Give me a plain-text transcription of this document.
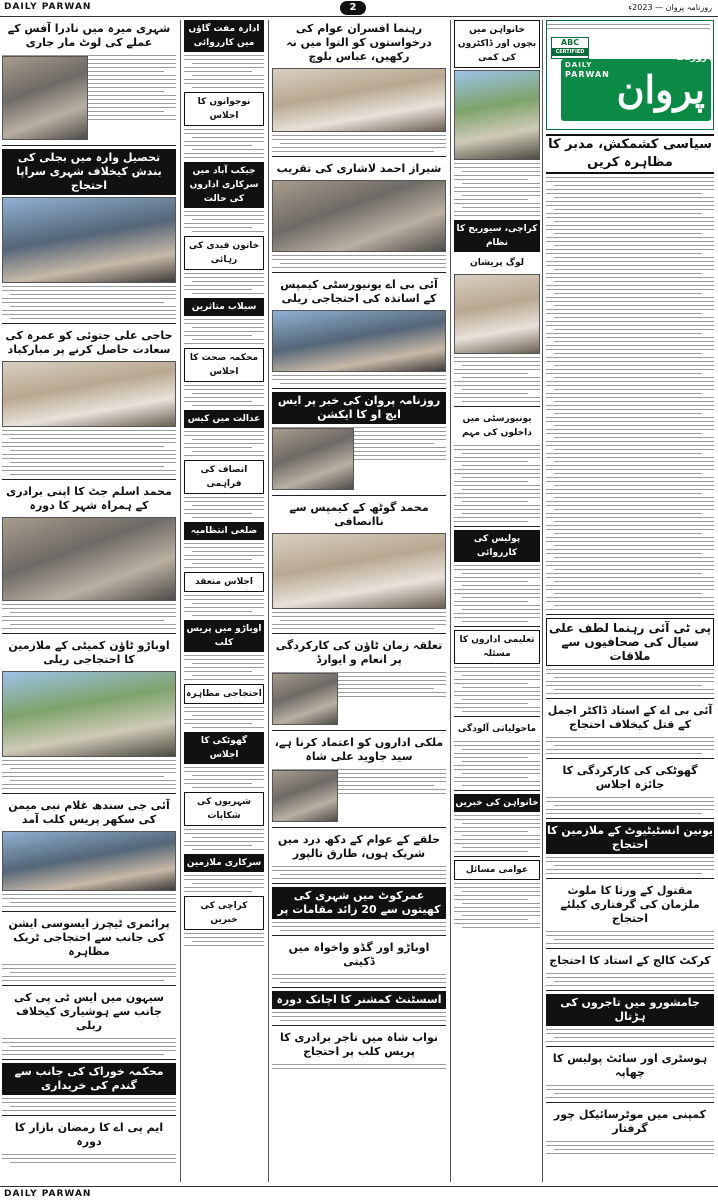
DAILY PARWAN	2	روزنامہ پروان — 2023ء
ABC
CERTIFIED
DAILY
PARWAN
روزنامہ
پروان
سیاسی کشمکش، مدبر کا مظاہرہ کریں
پی ٹی آئی رہنما لطف علی سیال کی صحافیوں سے ملاقات
آئی بی اے کے استاد ڈاکٹر اجمل کے قتل کیخلاف احتجاج
گھوٹکی کی کارکردگی کا جائزہ اجلاس
یونین انسٹیٹیوٹ کے ملازمین کا احتجاج
مقتول کے ورثا کا ملوث ملزمان کی گرفتاری کیلئے احتجاج
کرکٹ کالج کے استاد کا احتجاج
جامشورو میں تاجروں کی ہڑتال
ہوسٹری اور سائٹ پولیس کا چھاپہ
کمپنی میں موٹرسائیکل چور گرفتار
خانواہن میں بچوں اور ڈاکٹروں کی کمی
کراچی، سیوریج کا نظام
لوگ پریشان
یونیورسٹی میں داخلوں کی مہم
پولیس کی کارروائی
تعلیمی اداروں کا مسئلہ
ماحولیاتی آلودگی
خانواہن کی خبریں
عوامی مسائل
رہنما افسران عوام کی درخواستوں کو التوا میں نہ رکھیں، عباس بلوچ
شیراز احمد لاشاری کی تقریب
آئی بی اے یونیورسٹی کیمپس کے اساتذہ کی احتجاجی ریلی
روزنامہ پروان کی خبر پر ایس ایچ او کا ایکشن
محمد گوٹھ کے کیمپس سے ناانصافی
تعلقہ زمان ٹاؤن کی کارکردگی پر انعام و ایوارڈ
ملکی اداروں کو اعتماد کرنا ہے، سید جاوید علی شاہ
حلقے کے عوام کے دکھ درد میں شریک ہوں، طارق تالپور
عمرکوٹ میں شہری کی کھیتوں سے 20 زائد مقامات پر
اوباڑو اور گڈو واخواہ میں ڈکیتی
اسسٹنٹ کمشنر کا اچانک دورہ
نواب شاہ میں تاجر برادری کا پریس کلب پر احتجاج
ادارہ مفت گاؤں میں کارروائی
نوجوانوں کا اجلاس
جیکب آباد میں سرکاری اداروں کی حالت
خاتون قیدی کی رہائی
سیلاب متاثرین
محکمہ صحت کا اجلاس
عدالت میں کیس
انصاف کی فراہمی
ضلعی انتظامیہ
اجلاس منعقد
اوباڑو میں پریس کلب
احتجاجی مظاہرہ
گھوٹکی کا اجلاس
شہریوں کی شکایات
سرکاری ملازمین
کراچی کی خبریں
شہری میرہ میں نادرا آفس کے عملے کی لوٹ مار جاری
تحصیل وارہ میں بجلی کی بندش کیخلاف شہری سراپا احتجاج
حاجی علی جتوئی کو عمرہ کی سعادت حاصل کرنے پر مبارکباد
محمد اسلم جٹ کا اپنی برادری کے ہمراہ شہر کا دورہ
اوباڑو ٹاؤن کمیٹی کے ملازمین کا احتجاجی ریلی
آئی جی سندھ غلام نبی میمن کی سکھر پریس کلب آمد
پرائمری ٹیچرز ایسوسی ایشن کی جانب سے احتجاجی ٹریک مظاہرہ
سیہون میں ایس ٹی پی کی جانب سے ہوشیاری کیخلاف ریلی
محکمہ خوراک کی جانب سے گندم کی خریداری
ایم پی اے کا رمضان بازار کا دورہ
DAILY PARWAN
